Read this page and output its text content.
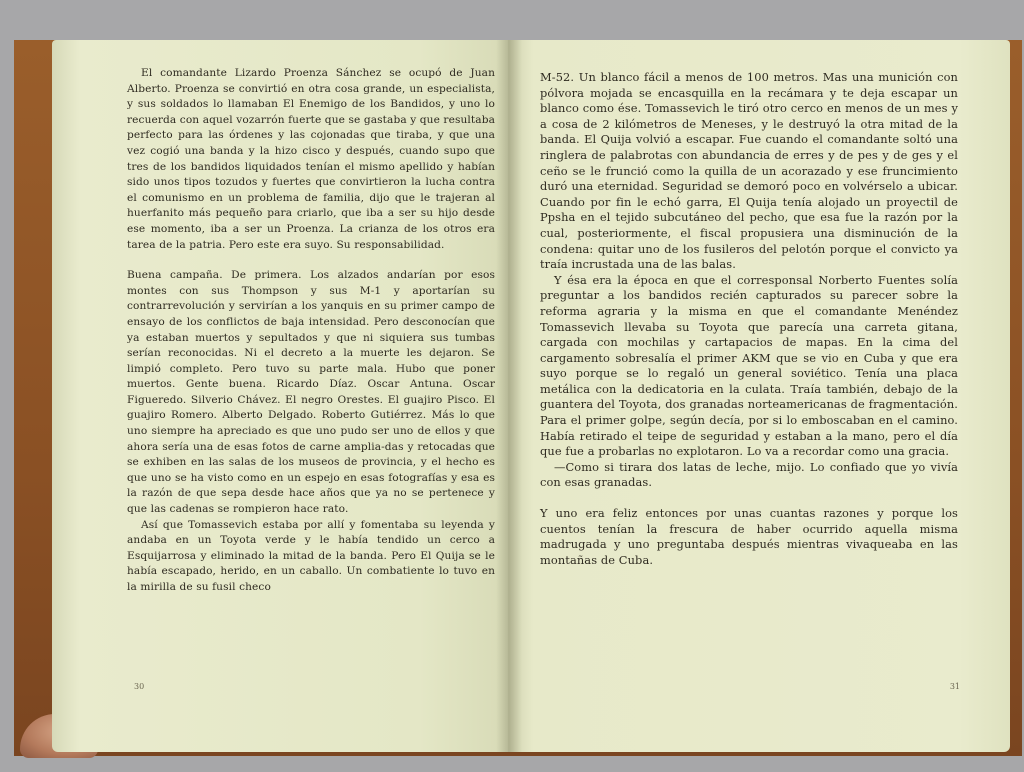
El comandante Lizardo Proenza Sánchez se ocupó de Juan Alberto. Proenza se convirtió en otra cosa grande, un especialista, y sus soldados lo llamaban El Enemigo de los Bandidos, y uno lo recuerda con aquel vozarrón fuerte que se gastaba y que resultaba perfecto para las órdenes y las cojonadas que tiraba, y que una vez cogió una banda y la hizo cisco y después, cuando supo que tres de los bandidos liquidados tenían el mismo apellido y habían sido unos tipos tozudos y fuertes que convirtieron la lucha contra el comunismo en un problema de familia, dijo que le trajeran al huerfanito más pequeño para criarlo, que iba a ser su hijo desde ese momento, iba a ser un Proenza. La crianza de los otros era tarea de la patria. Pero este era suyo. Su responsabilidad.

Buena campaña. De primera. Los alzados andarían por esos montes con sus Thompson y sus M-1 y aportarían su contrarrevolución y servirían a los yanquis en su primer campo de ensayo de los conflictos de baja intensidad. Pero desconocían que ya estaban muertos y sepultados y que ni siquiera sus tumbas serían reconocidas. Ni el decreto a la muerte les dejaron. Se limpió completo. Pero tuvo su parte mala. Hubo que poner muertos. Gente buena. Ricardo Díaz. Oscar Antuna. Oscar Figueredo. Silverio Chávez. El negro Orestes. El guajiro Pisco. El guajiro Romero. Alberto Delgado. Roberto Gutiérrez. Más lo que uno siempre ha apreciado es que uno pudo ser uno de ellos y que ahora sería una de esas fotos de carne amplia-das y retocadas que se exhiben en las salas de los museos de provincia, y el hecho es que uno se ha visto como en un espejo en esas fotografías y esa es la razón de que sepa desde hace años que ya no se pertenece y que las cadenas se rompieron hace rato.

Así que Tomassevich estaba por allí y fomentaba su leyenda y andaba en un Toyota verde y le había tendido un cerco a Esquijarrosa y eliminado la mitad de la banda. Pero El Quija se le había escapado, herido, en un caballo. Un combatiente lo tuvo en la mirilla de su fusil checo

30

M-52. Un blanco fácil a menos de 100 metros. Mas una munición con pólvora mojada se encasquilla en la recámara y te deja escapar un blanco como ése. Tomassevich le tiró otro cerco en menos de un mes y a cosa de 2 kilómetros de Meneses, y le destruyó la otra mitad de la banda. El Quija volvió a escapar. Fue cuando el comandante soltó una ringlera de palabrotas con abundancia de erres y de pes y de ges y el ceño se le frunció como la quilla de un acorazado y ese fruncimiento duró una eternidad. Seguridad se demoró poco en volvérselo a ubicar. Cuando por fin le echó garra, El Quija tenía alojado un proyectil de Ppsha en el tejido subcutáneo del pecho, que esa fue la razón por la cual, posteriormente, el fiscal propusiera una disminución de la condena: quitar uno de los fusileros del pelotón porque el convicto ya traía incrustada una de las balas.

Y ésa era la época en que el corresponsal Norberto Fuentes solía preguntar a los bandidos recién capturados su parecer sobre la reforma agraria y la misma en que el comandante Menéndez Tomassevich llevaba su Toyota que parecía una carreta gitana, cargada con mochilas y cartapacios de mapas. En la cima del cargamento sobresalía el primer AKM que se vio en Cuba y que era suyo porque se lo regaló un general soviético. Tenía una placa metálica con la dedicatoria en la culata. Traía también, debajo de la guantera del Toyota, dos granadas norteamericanas de fragmentación. Para el primer golpe, según decía, por si lo emboscaban en el camino. Había retirado el teipe de seguridad y estaban a la mano, pero el día que fue a probarlas no explotaron. Lo va a recordar como una gracia.

—Como si tirara dos latas de leche, mijo. Lo confiado que yo vivía con esas granadas.

Y uno era feliz entonces por unas cuantas razones y porque los cuentos tenían la frescura de haber ocurrido aquella misma madrugada y uno preguntaba después mientras vivaqueaba en las montañas de Cuba.

31
